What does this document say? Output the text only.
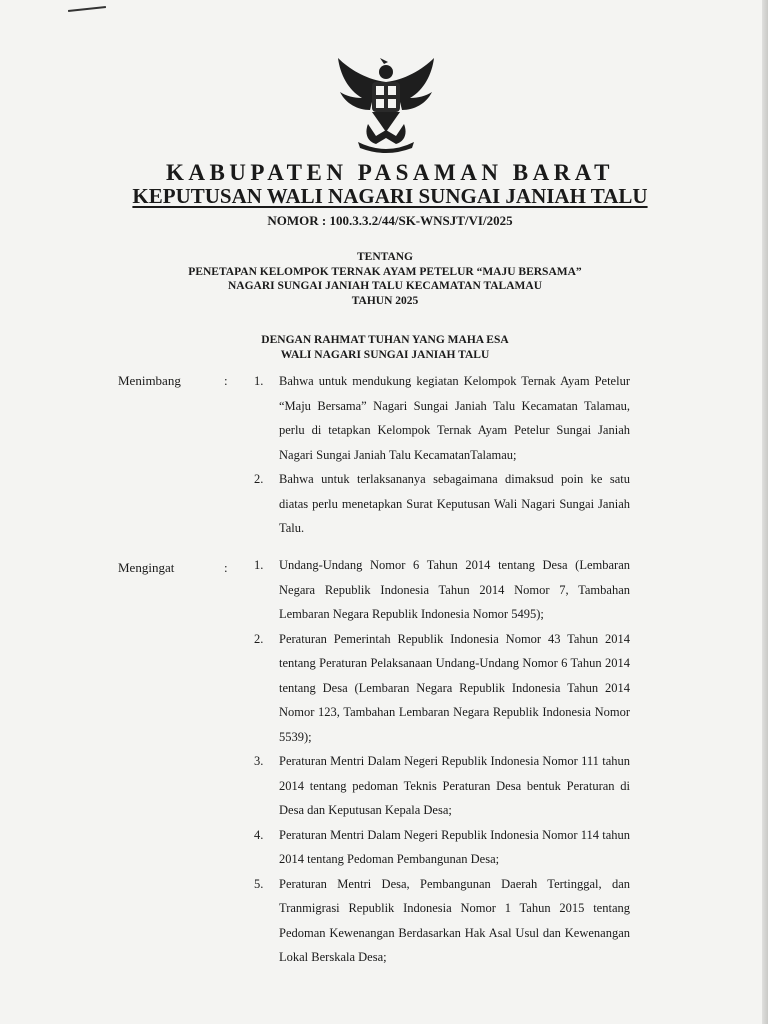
KABUPATEN PASAMAN BARAT
KEPUTUSAN WALI NAGARI SUNGAI JANIAH TALU
NOMOR : 100.3.3.2/44/SK-WNSJT/VI/2025
TENTANG
PENETAPAN KELOMPOK TERNAK AYAM PETELUR “MAJU BERSAMA”
NAGARI SUNGAI JANIAH TALU KECAMATAN TALAMAU
TAHUN 2025
DENGAN RAHMAT TUHAN YANG MAHA ESA
WALI NAGARI SUNGAI JANIAH TALU
Menimbang	: 1.	Bahwa untuk mendukung kegiatan Kelompok Ternak Ayam Petelur “Maju Bersama” Nagari Sungai Janiah Talu Kecamatan Talamau, perlu di tetapkan Kelompok Ternak Ayam Petelur Sungai Janiah Nagari Sungai Janiah Talu KecamatanTalamau;
2.	Bahwa untuk terlaksananya sebagaimana dimaksud poin ke satu diatas perlu menetapkan Surat Keputusan Wali Nagari Sungai Janiah Talu.
Mengingat	: 1.	Undang-Undang Nomor 6 Tahun 2014 tentang Desa (Lembaran Negara Republik Indonesia Tahun 2014 Nomor 7, Tambahan Lembaran Negara Republik Indonesia Nomor 5495);
2.	Peraturan Pemerintah Republik Indonesia Nomor 43 Tahun 2014 tentang Peraturan Pelaksanaan Undang-Undang Nomor 6 Tahun 2014 tentang Desa (Lembaran Negara Republik Indonesia Tahun 2014 Nomor 123, Tambahan Lembaran Negara Republik Indonesia Nomor 5539);
3.	Peraturan Mentri Dalam Negeri Republik Indonesia Nomor 111 tahun 2014 tentang pedoman Teknis Peraturan Desa bentuk Peraturan di Desa dan Keputusan Kepala Desa;
4.	Peraturan Mentri Dalam Negeri Republik Indonesia Nomor 114 tahun 2014 tentang Pedoman Pembangunan Desa;
5.	Peraturan Mentri Desa, Pembangunan Daerah Tertinggal, dan Tranmigrasi Republik Indonesia Nomor 1 Tahun 2015 tentang Pedoman Kewenangan Berdasarkan Hak Asal Usul dan Kewenangan Lokal Berskala Desa;
